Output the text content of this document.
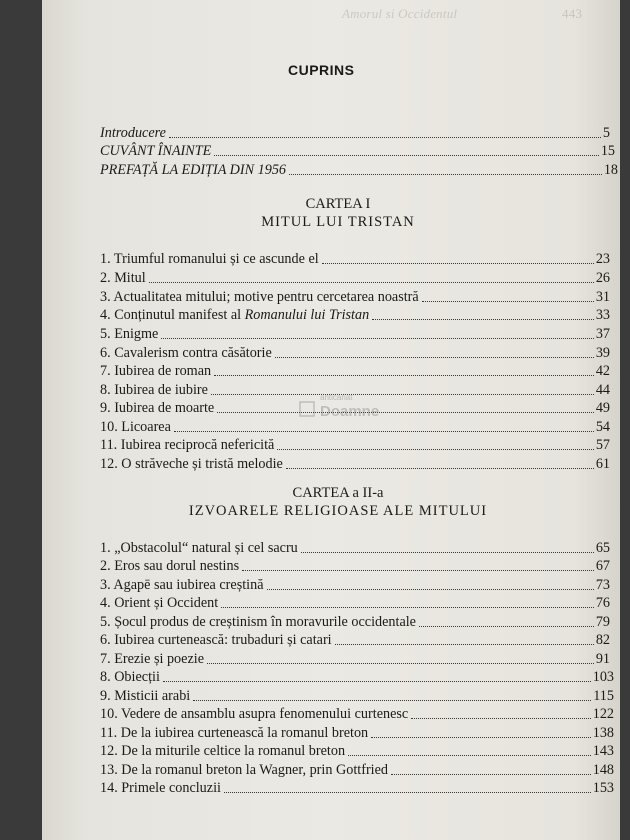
Amorul si Occidentul	443
CUPRINS
Introducere	5
CUVÂNT ÎNAINTE	15
PREFAȚĂ LA EDIȚIA DIN 1956	18
CARTEA I
MITUL LUI TRISTAN
1. Triumful romanului și ce ascunde el	23
2. Mitul	26
3. Actualitatea mitului; motive pentru cercetarea noastră	31
4. Conținutul manifest al Romanului lui Tristan	33
5. Enigme	37
6. Cavalerism contra căsătorie	39
7. Iubirea de roman	42
8. Iubirea de iubire	44
9. Iubirea de moarte	49
10. Licoarea	54
11. Iubirea reciprocă nefericită	57
12. O străveche și tristă melodie	61
anticariat
Doamne
CARTEA a II-a
IZVOARELE RELIGIOASE ALE MITULUI
1. „Obstacolul“ natural și cel sacru	65
2. Eros sau dorul nestins	67
3. Agapē sau iubirea creștină	73
4. Orient și Occident	76
5. Șocul produs de creștinism în moravurile occidentale	79
6. Iubirea curtenească: trubaduri și catari	82
7. Erezie și poezie	91
8. Obiecții	103
9. Misticii arabi	115
10. Vedere de ansamblu asupra fenomenului curtenesc	122
11. De la iubirea curtenească la romanul breton	138
12. De la miturile celtice la romanul breton	143
13. De la romanul breton la Wagner, prin Gottfried	148
14. Primele concluzii	153
